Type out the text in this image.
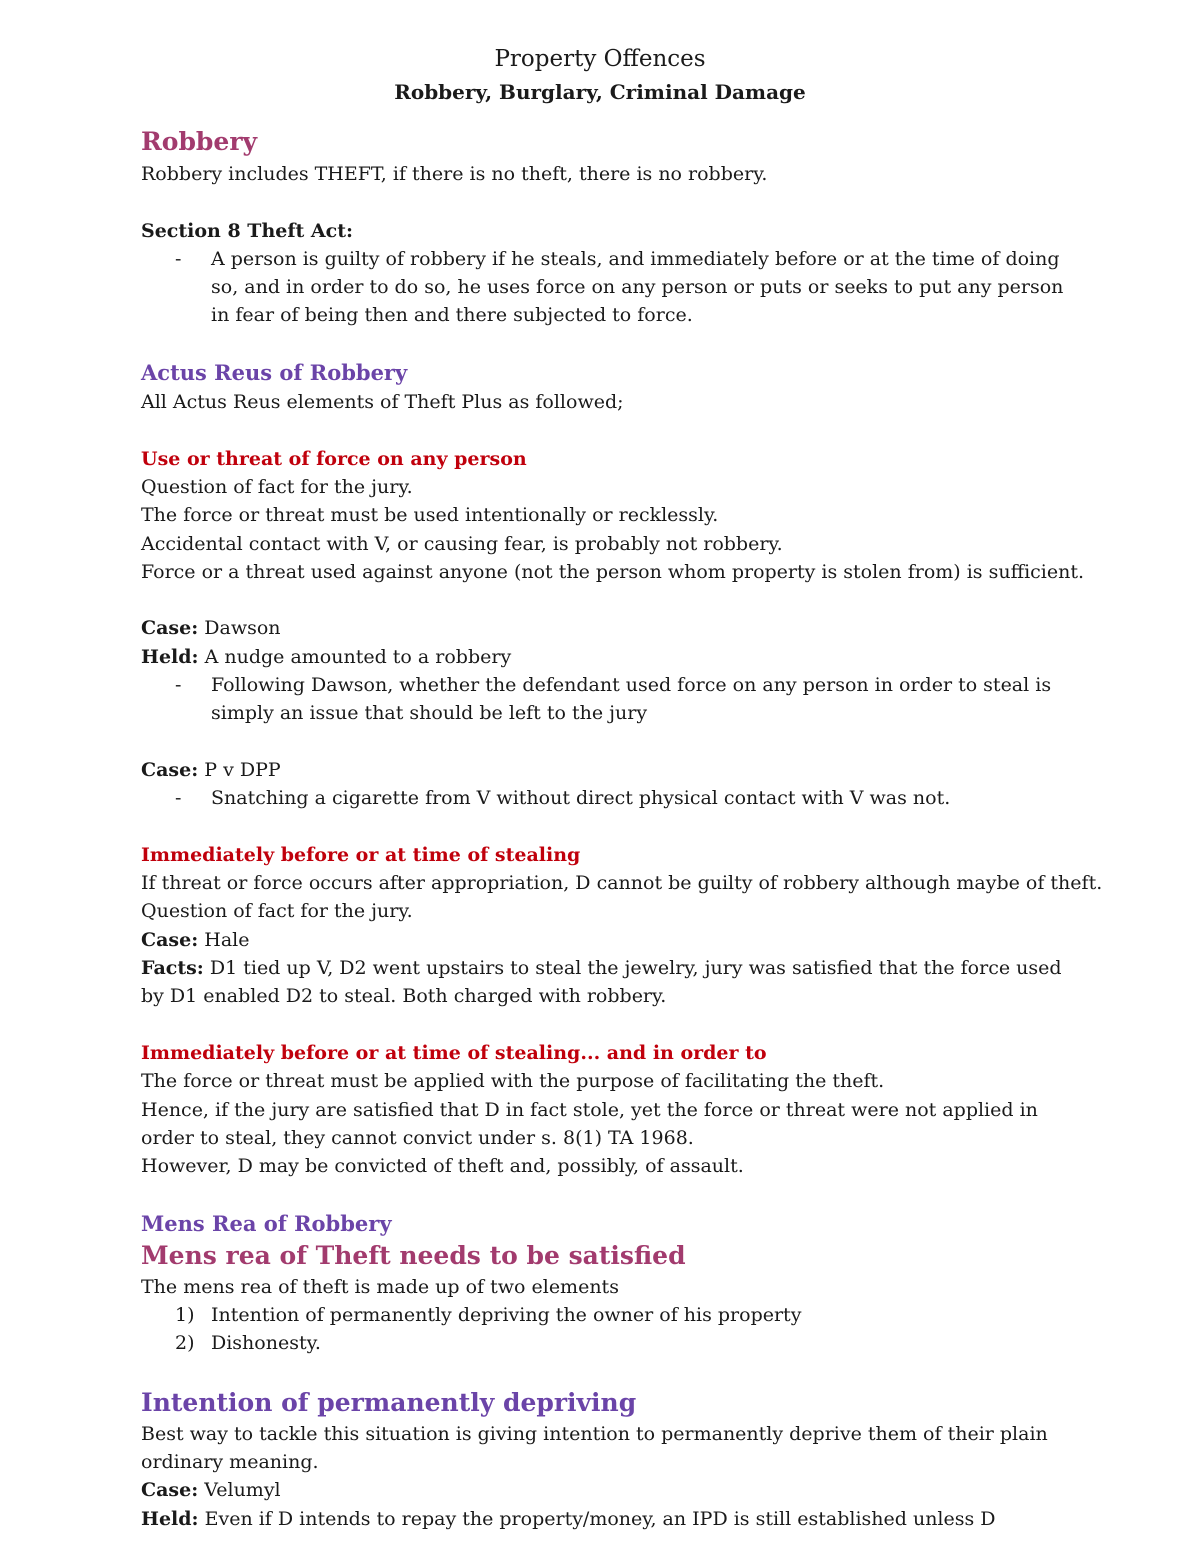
Property Offences
Robbery, Burglary, Criminal Damage
Robbery

Robbery includes THEFT, if there is no theft, there is no robbery.

Section 8 Theft Act:

- A person is guilty of robbery if he steals, and immediately before or at the time of doing
so, and in order to do so, he uses force on any person or puts or seeks to put any person
in fear of being then and there subjected to force.
Actus Reus of Robbery

All Actus Reus elements of Theft Plus as followed;

Use or threat of force on any person

Question of fact for the jury.

The force or threat must be used intentionally or recklessly.

Accidental contact with V, or causing fear, is probably not robbery.

Force or a threat used against anyone (not the person whom property is stolen from) is sufficient.

Case: Dawson

Held: A nudge amounted to a robbery

- Following Dawson, whether the defendant used force on any person in order to steal is
simply an issue that should be left to the jury

Case: P v DPP

- Snatching a cigarette from V without direct physical contact with V was not.
Immediately before or at time of stealing

If threat or force occurs after appropriation, D cannot be guilty of robbery although maybe of theft.

Question of fact for the jury.

Case: Hale

Facts: D1 tied up V, D2 went upstairs to steal the jewelry, jury was satisfied that the force used

by D1 enabled D2 to steal. Both charged with robbery.

Immediately before or at time of stealing... and in order to

The force or threat must be applied with the purpose of facilitating the theft.

Hence, if the jury are satisfied that D in fact stole, yet the force or threat were not applied in

order to steal, they cannot convict under s. 8(1) TA 1968.

However, D may be convicted of theft and, possibly, of assault.

Mens Rea of Robbery
Mens rea of Theft needs to be satisfied

The mens rea of theft is made up of two elements

1) Intention of permanently depriving the owner of his property
2) Dishonesty.
Intention of permanently depriving

Best way to tackle this situation is giving intention to permanently deprive them of their plain

ordinary meaning.

Case: Velumyl

Held: Even if D intends to repay the property/money, an IPD is still established unless D
